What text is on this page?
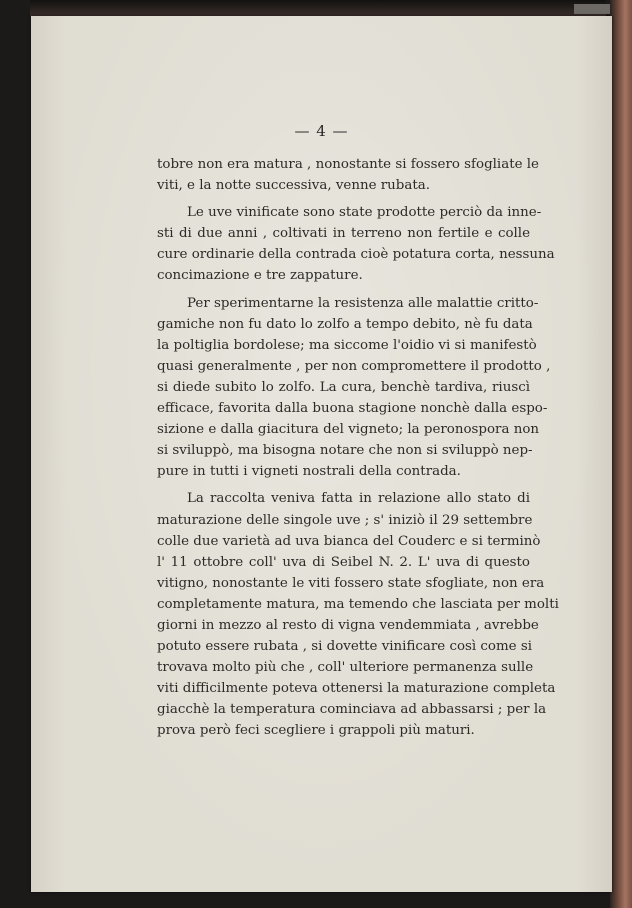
— 4 —
tobre non era matura , nonostante si fossero sfogliate le
viti, e la notte successiva, venne rubata.
Le uve vinificate sono state prodotte perciò da inne-
sti di due anni , coltivati in terreno non fertile e colle
cure ordinarie della contrada cioè potatura corta, nessuna
concimazione e tre zappature.
Per sperimentarne la resistenza alle malattie critto-
gamiche non fu dato lo zolfo a tempo debito, nè fu data
la poltiglia bordolese; ma siccome l'oidio vi si manifestò
quasi generalmente , per non compromettere il prodotto ,
si diede subito lo zolfo. La cura, benchè tardiva, riuscì
efficace, favorita dalla buona stagione nonchè dalla espo-
sizione e dalla giacitura del vigneto; la peronospora non
si sviluppò, ma bisogna notare che non si sviluppò nep-
pure in tutti i vigneti nostrali della contrada.
La raccolta veniva fatta in relazione allo stato di
maturazione delle singole uve ; s' iniziò il 29 settembre
colle due varietà ad uva bianca del Couderc e si terminò
l' 11 ottobre coll' uva di Seibel N. 2. L' uva di questo
vitigno, nonostante le viti fossero state sfogliate, non era
completamente matura, ma temendo che lasciata per molti
giorni in mezzo al resto di vigna vendemmiata , avrebbe
potuto essere rubata , si dovette vinificare così come si
trovava molto più che , coll' ulteriore permanenza sulle
viti difficilmente poteva ottenersi la maturazione completa
giacchè la temperatura cominciava ad abbassarsi ; per la
prova però feci scegliere i grappoli più maturi.
